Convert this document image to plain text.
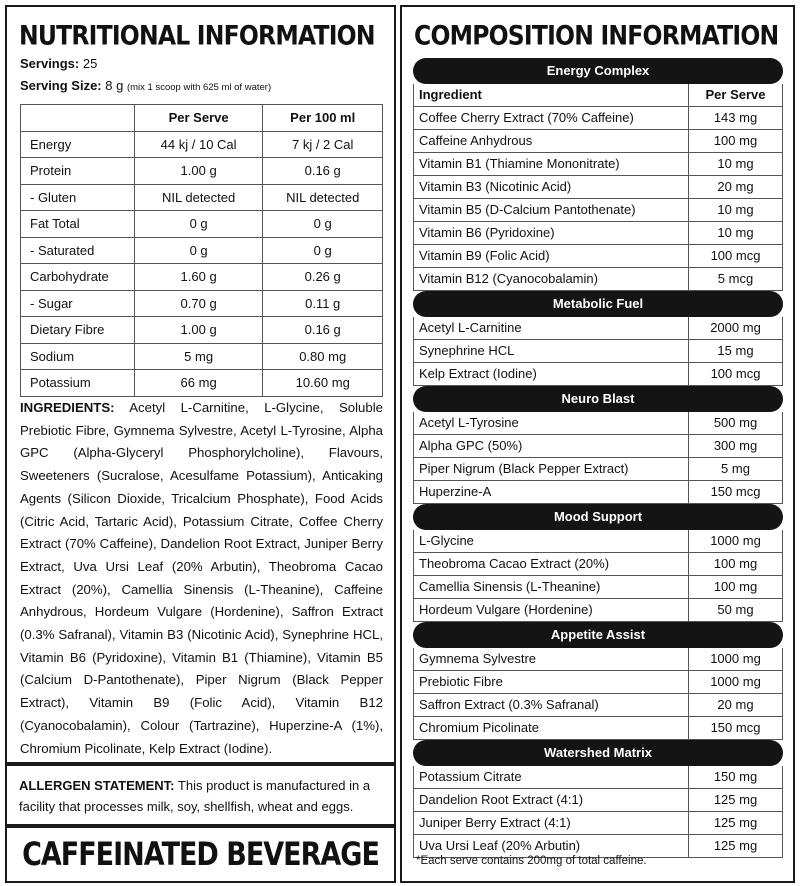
NUTRITIONAL INFORMATION
Servings: 25
Serving Size: 8 g (mix 1 scoop with 625 ml of water)
	Per Serve	Per 100 ml
Energy	44 kj / 10 Cal	7 kj / 2 Cal
Protein	1.00 g	0.16 g
- Gluten	NIL detected	NIL detected
Fat Total	0 g	0 g
- Saturated	0 g	0 g
Carbohydrate	1.60 g	0.26 g
- Sugar	0.70 g	0.11 g
Dietary Fibre	1.00 g	0.16 g
Sodium	5 mg	0.80 mg
Potassium	66 mg	10.60 mg
INGREDIENTS: Acetyl L-Carnitine, L-Glycine, Soluble Prebiotic Fibre, Gymnema Sylvestre, Acetyl L-Tyrosine, Alpha GPC (Alpha-Glyceryl Phosphorylcholine), Flavours, Sweeteners (Sucralose, Acesulfame Potassium), Anticaking Agents (Silicon Dioxide, Tricalcium Phosphate), Food Acids (Citric Acid, Tartaric Acid), Potassium Citrate, Coffee Cherry Extract (70% Caffeine), Dandelion Root Extract, Juniper Berry Extract, Uva Ursi Leaf (20% Arbutin), Theobroma Cacao Extract (20%), Camellia Sinensis (L-Theanine), Caffeine Anhydrous, Hordeum Vulgare (Hordenine), Saffron Extract (0.3% Safranal), Vitamin B3 (Nicotinic Acid), Synephrine HCL, Vitamin B6 (Pyridoxine), Vitamin B1 (Thiamine), Vitamin B5 (Calcium D-Pantothenate), Piper Nigrum (Black Pepper Extract), Vitamin B9 (Folic Acid), Vitamin B12 (Cyanocobalamin), Colour (Tartrazine), Huperzine-A (1%), Chromium Picolinate, Kelp Extract (Iodine).
ALLERGEN STATEMENT: This product is manufactured in a facility that processes milk, soy, shellfish, wheat and eggs.
CAFFEINATED BEVERAGE
COMPOSITION INFORMATION
Energy Complex
Ingredient	Per Serve
Coffee Cherry Extract (70% Caffeine)	143 mg
Caffeine Anhydrous	100 mg
Vitamin B1 (Thiamine Mononitrate)	10 mg
Vitamin B3 (Nicotinic Acid)	20 mg
Vitamin B5 (D-Calcium Pantothenate)	10 mg
Vitamin B6 (Pyridoxine)	10 mg
Vitamin B9 (Folic Acid)	100 mcg
Vitamin B12 (Cyanocobalamin)	5 mcg
Metabolic Fuel
Acetyl L-Carnitine	2000 mg
Synephrine HCL	15 mg
Kelp Extract (Iodine)	100 mcg
Neuro Blast
Acetyl L-Tyrosine	500 mg
Alpha GPC (50%)	300 mg
Piper Nigrum (Black Pepper Extract)	5 mg
Huperzine-A	150 mcg
Mood Support
L-Glycine	1000 mg
Theobroma Cacao Extract (20%)	100 mg
Camellia Sinensis (L-Theanine)	100 mg
Hordeum Vulgare (Hordenine)	50 mg
Appetite Assist
Gymnema Sylvestre	1000 mg
Prebiotic Fibre	1000 mg
Saffron Extract (0.3% Safranal)	20 mg
Chromium Picolinate	150 mcg
Watershed Matrix
Potassium Citrate	150 mg
Dandelion Root Extract (4:1)	125 mg
Juniper Berry Extract (4:1)	125 mg
Uva Ursi Leaf (20% Arbutin)	125 mg
*Each serve contains 200mg of total caffeine.
